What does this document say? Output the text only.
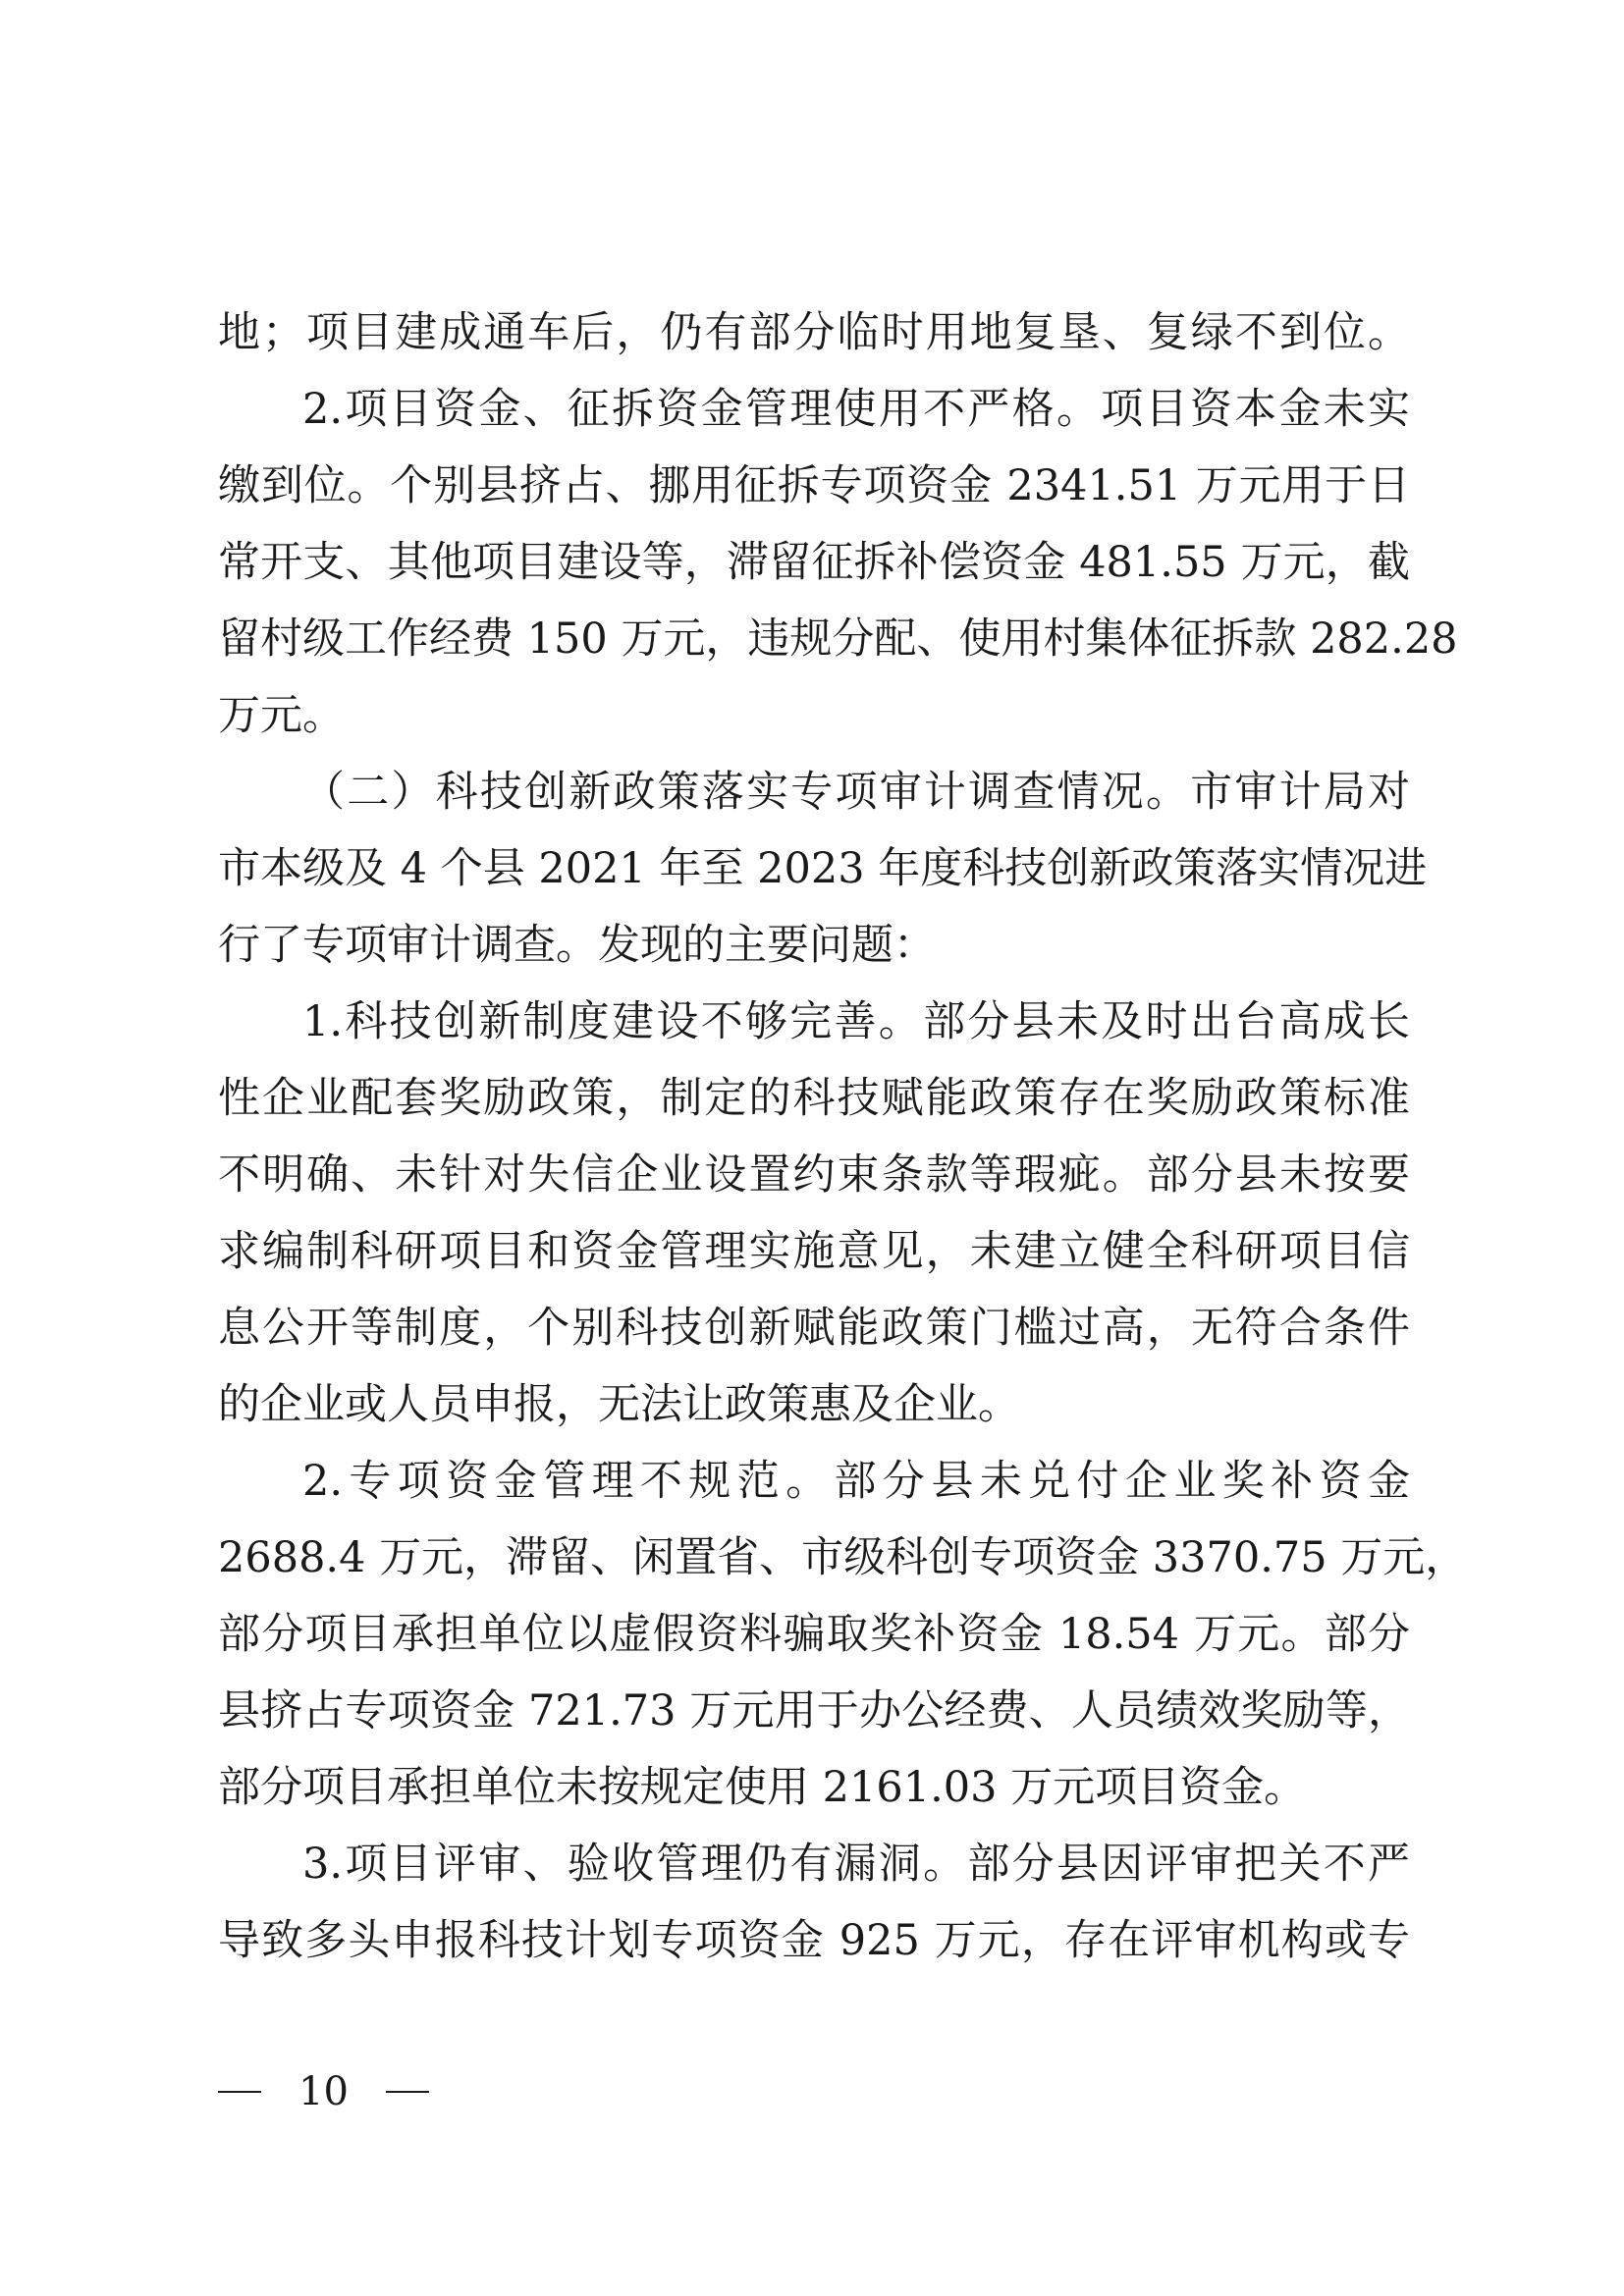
地；项目建成通车后，仍有部分临时用地复垦、复绿不到位。
2.项目资金、征拆资金管理使用不严格。项目资本金未实
缴到位。个别县挤占、挪用征拆专项资金 2341.51 万元用于日
常开支、其他项目建设等，滞留征拆补偿资金 481.55 万元，截
留村级工作经费 150 万元，违规分配、使用村集体征拆款 282.28
万元。
（二）科技创新政策落实专项审计调查情况。市审计局对
市本级及 4 个县 2021 年至 2023 年度科技创新政策落实情况进
行了专项审计调查。发现的主要问题：
1.科技创新制度建设不够完善。部分县未及时出台高成长
性企业配套奖励政策，制定的科技赋能政策存在奖励政策标准
不明确、未针对失信企业设置约束条款等瑕疵。部分县未按要
求编制科研项目和资金管理实施意见，未建立健全科研项目信
息公开等制度，个别科技创新赋能政策门槛过高，无符合条件
的企业或人员申报，无法让政策惠及企业。
2.专项资金管理不规范。部分县未兑付企业奖补资金
2688.4 万元，滞留、闲置省、市级科创专项资金 3370.75 万元，
部分项目承担单位以虚假资料骗取奖补资金 18.54 万元。部分
县挤占专项资金 721.73 万元用于办公经费、人员绩效奖励等，
部分项目承担单位未按规定使用 2161.03 万元项目资金。
3.项目评审、验收管理仍有漏洞。部分县因评审把关不严
导致多头申报科技计划专项资金 925 万元，存在评审机构或专
10
